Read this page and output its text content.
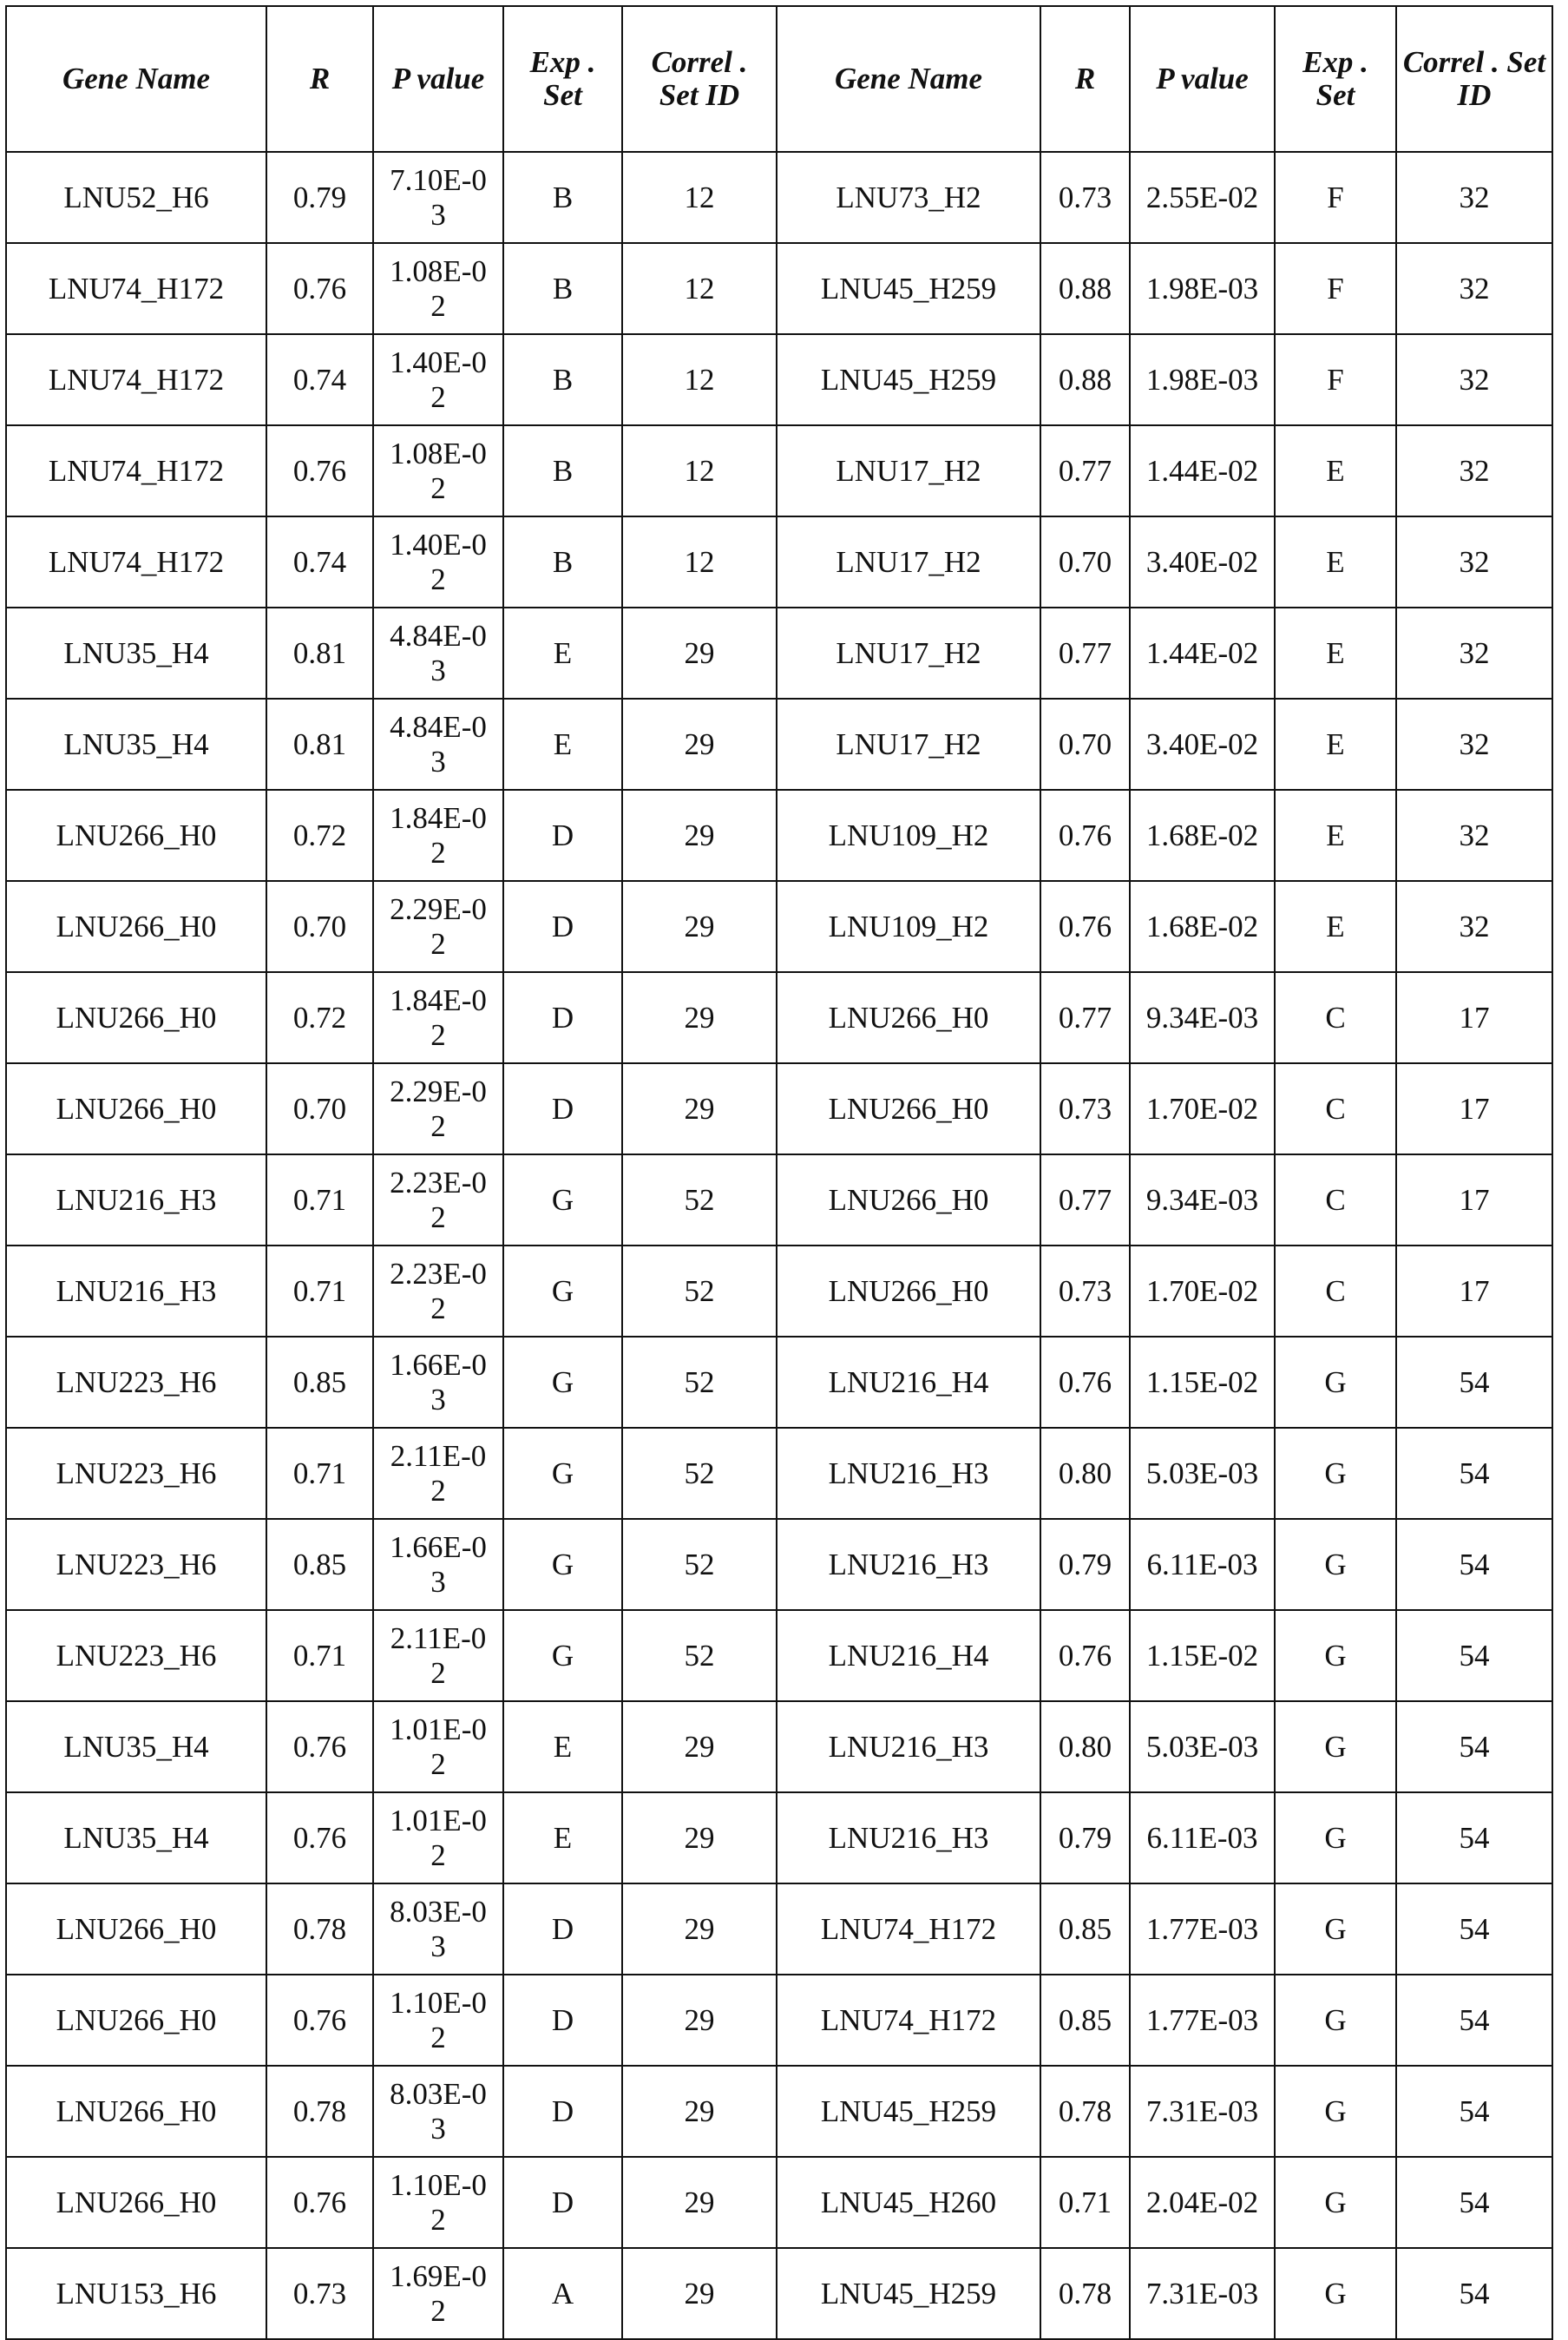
Gene Name	R	P value	Exp . Set	Correl . Set ID	Gene Name	R	P value	Exp . Set	Correl . Set ID
LNU52_H6	0.79	7.10E-03	B	12	LNU73_H2	0.73	2.55E-02	F	32
LNU74_H172	0.76	1.08E-02	B	12	LNU45_H259	0.88	1.98E-03	F	32
LNU74_H172	0.74	1.40E-02	B	12	LNU45_H259	0.88	1.98E-03	F	32
LNU74_H172	0.76	1.08E-02	B	12	LNU17_H2	0.77	1.44E-02	E	32
LNU74_H172	0.74	1.40E-02	B	12	LNU17_H2	0.70	3.40E-02	E	32
LNU35_H4	0.81	4.84E-03	E	29	LNU17_H2	0.77	1.44E-02	E	32
LNU35_H4	0.81	4.84E-03	E	29	LNU17_H2	0.70	3.40E-02	E	32
LNU266_H0	0.72	1.84E-02	D	29	LNU109_H2	0.76	1.68E-02	E	32
LNU266_H0	0.70	2.29E-02	D	29	LNU109_H2	0.76	1.68E-02	E	32
LNU266_H0	0.72	1.84E-02	D	29	LNU266_H0	0.77	9.34E-03	C	17
LNU266_H0	0.70	2.29E-02	D	29	LNU266_H0	0.73	1.70E-02	C	17
LNU216_H3	0.71	2.23E-02	G	52	LNU266_H0	0.77	9.34E-03	C	17
LNU216_H3	0.71	2.23E-02	G	52	LNU266_H0	0.73	1.70E-02	C	17
LNU223_H6	0.85	1.66E-03	G	52	LNU216_H4	0.76	1.15E-02	G	54
LNU223_H6	0.71	2.11E-02	G	52	LNU216_H3	0.80	5.03E-03	G	54
LNU223_H6	0.85	1.66E-03	G	52	LNU216_H3	0.79	6.11E-03	G	54
LNU223_H6	0.71	2.11E-02	G	52	LNU216_H4	0.76	1.15E-02	G	54
LNU35_H4	0.76	1.01E-02	E	29	LNU216_H3	0.80	5.03E-03	G	54
LNU35_H4	0.76	1.01E-02	E	29	LNU216_H3	0.79	6.11E-03	G	54
LNU266_H0	0.78	8.03E-03	D	29	LNU74_H172	0.85	1.77E-03	G	54
LNU266_H0	0.76	1.10E-02	D	29	LNU74_H172	0.85	1.77E-03	G	54
LNU266_H0	0.78	8.03E-03	D	29	LNU45_H259	0.78	7.31E-03	G	54
LNU266_H0	0.76	1.10E-02	D	29	LNU45_H260	0.71	2.04E-02	G	54
LNU153_H6	0.73	1.69E-02	A	29	LNU45_H259	0.78	7.31E-03	G	54
